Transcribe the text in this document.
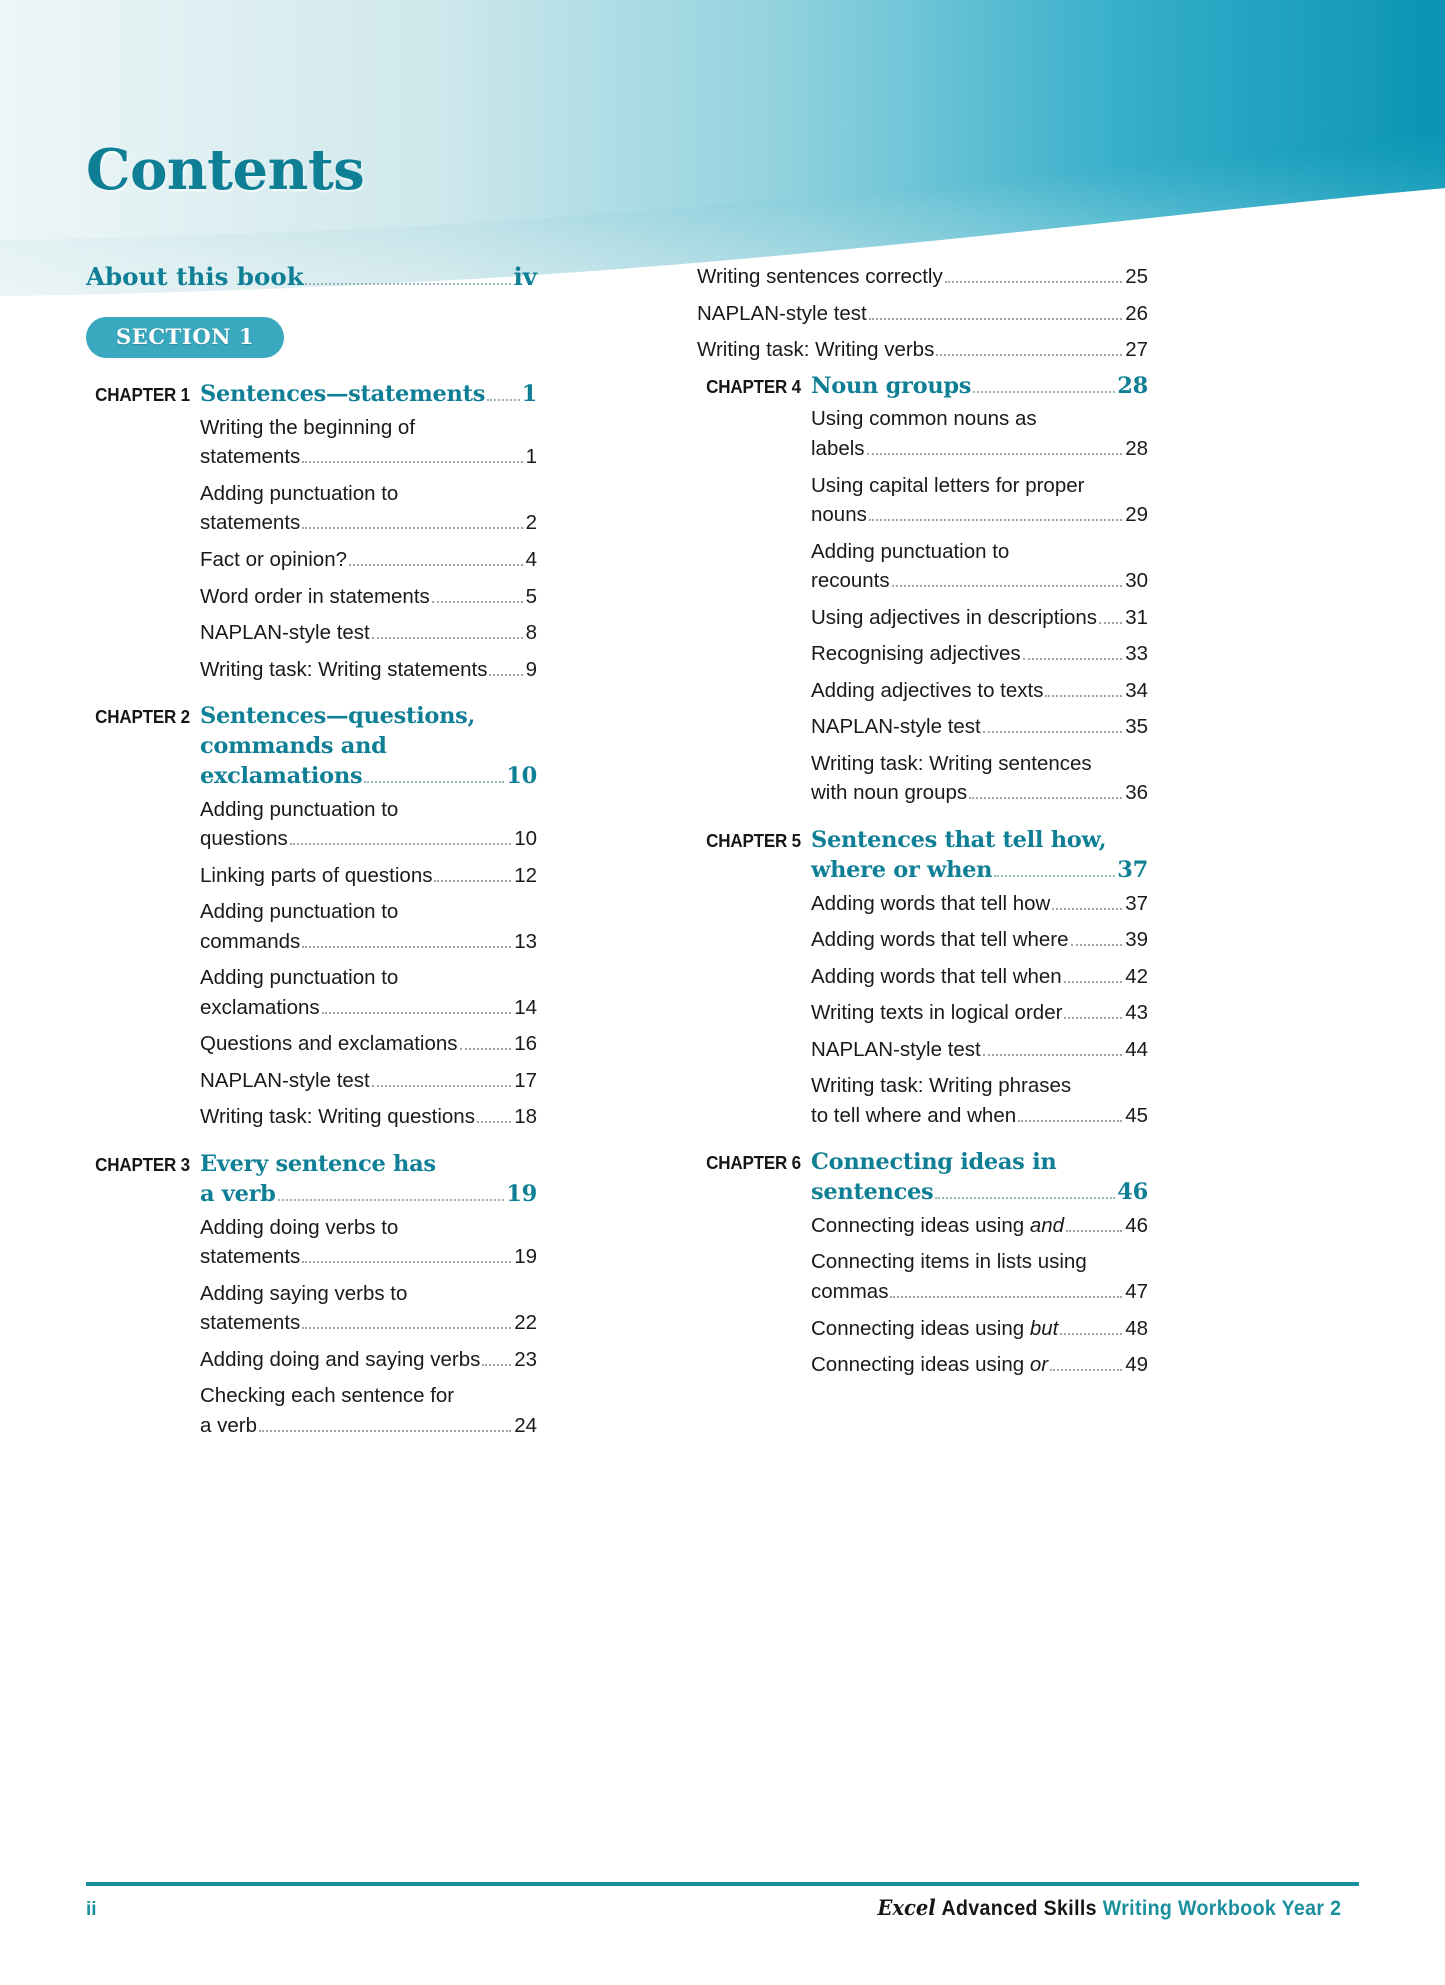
Contents
About this book	iv
SECTION 1
CHAPTER 1 Sentences—statements 1
Writing the beginning of
statements	1
Adding punctuation to
statements	2
Fact or opinion?	4
Word order in statements	5
NAPLAN-style test	8
Writing task: Writing statements 9
CHAPTER 2 Sentences—questions,
commands and
exclamations	10
Adding punctuation to
questions	10
Linking parts of questions	12
Adding punctuation to
commands	13
Adding punctuation to
exclamations	14
Questions and exclamations	16
NAPLAN-style test	17
Writing task: Writing questions 18
CHAPTER 3 Every sentence has
a verb	19
Adding doing verbs to
statements	19
Adding saying verbs to
statements	22
Adding doing and saying verbs 23
Checking each sentence for
a verb	24
Writing sentences correctly	25
NAPLAN-style test	26
Writing task: Writing verbs	27
CHAPTER 4 Noun groups	28
Using common nouns as
labels	28
Using capital letters for proper
nouns	29
Adding punctuation to
recounts	30
Using adjectives in descriptions 31
Recognising adjectives	33
Adding adjectives to texts	34
NAPLAN-style test	35
Writing task: Writing sentences
with noun groups	36
CHAPTER 5 Sentences that tell how,
where or when	37
Adding words that tell how	37
Adding words that tell where	39
Adding words that tell when	42
Writing texts in logical order	43
NAPLAN-style test	44
Writing task: Writing phrases
to tell where and when	45
CHAPTER 6 Connecting ideas in
sentences	46
Connecting ideas using and	46
Connecting items in lists using
commas	47
Connecting ideas using but	48
Connecting ideas using or	49
ii	Excel Advanced Skills Writing Workbook Year 2
